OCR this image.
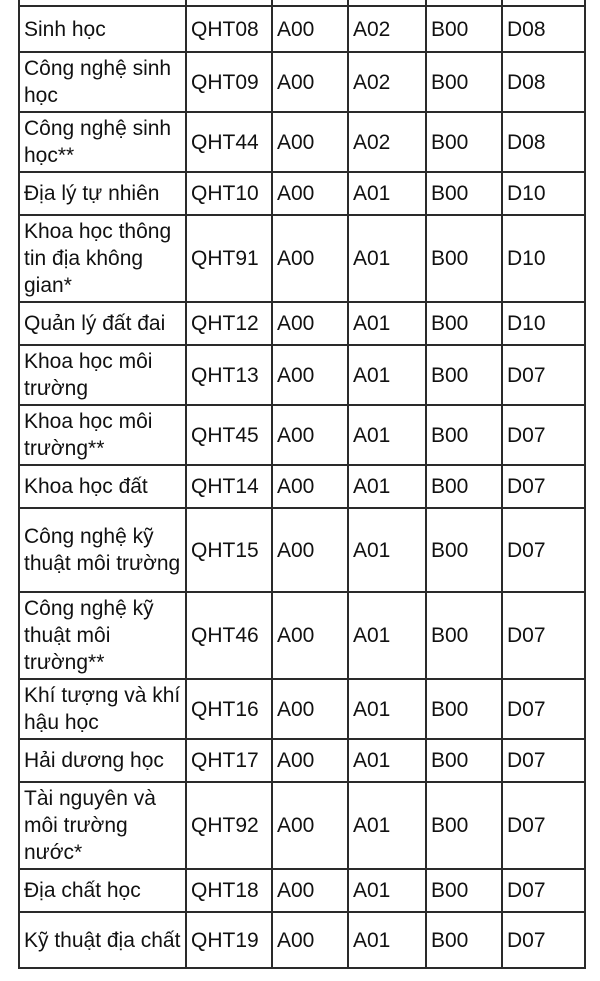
Sinh học	QHT08	A00	A02	B00	D08
Công nghệ sinh học	QHT09	A00	A02	B00	D08
Công nghệ sinh học**	QHT44	A00	A02	B00	D08
Địa lý tự nhiên	QHT10	A00	A01	B00	D10
Khoa học thông tin địa không gian*	QHT91	A00	A01	B00	D10
Quản lý đất đai	QHT12	A00	A01	B00	D10
Khoa học môi trường	QHT13	A00	A01	B00	D07
Khoa học môi trường**	QHT45	A00	A01	B00	D07
Khoa học đất	QHT14	A00	A01	B00	D07
Công nghệ kỹ thuật môi trường	QHT15	A00	A01	B00	D07
Công nghệ kỹ thuật môi trường**	QHT46	A00	A01	B00	D07
Khí tượng và khí hậu học	QHT16	A00	A01	B00	D07
Hải dương học	QHT17	A00	A01	B00	D07
Tài nguyên và môi trường nước*	QHT92	A00	A01	B00	D07
Địa chất học	QHT18	A00	A01	B00	D07
Kỹ thuật địa chất	QHT19	A00	A01	B00	D07
